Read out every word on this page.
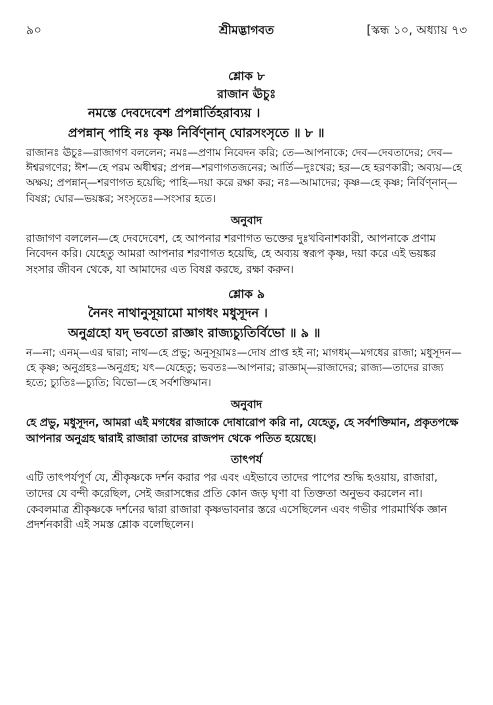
৯০	শ্রীমদ্ভাগবত	[স্কন্ধ ১০, অধ্যায় ৭৩

শ্লোক ৮

রাজান ঊচুঃ

নমস্তে দেবদেবেশ প্রপন্নার্তিহরাব্যয় ।

প্রপন্নান্ পাহি নঃ কৃষ্ণ নির্বিণ্নান্ ঘোরসংসৃতে ॥ ৮ ॥

রাজানঃ ঊচুঃ—রাজাগণ বললেন; নমঃ—প্রণাম নিবেদন করি; তে—আপনাকে; দেব—দেবতাদের; দেব—ঈশ্বরগণের; ঈশ—হে পরম অধীশ্বর; প্রপন্ন—শরণাগতজনের; আর্তি—দুঃখের; হর—হে হরণকারী; অব্যয়—হে অক্ষয়; প্রপন্নান্—শরণাগত হয়েছি; পাহি—দয়া করে রক্ষা কর; নঃ—আমাদের; কৃষ্ণ—হে কৃষ্ণ; নির্বিণ্নান্—বিষণ্ণ; ঘোর—ভয়ঙ্কর; সংসৃতেঃ—সংসার হতে।

অনুবাদ

রাজাগণ বললেন—হে দেবদেবেশ, হে আপনার শরণাগত ভক্তের দুঃখবিনাশকারী, আপনাকে প্রণাম নিবেদন করি। যেহেতু আমরা আপনার শরণাগত হয়েছি, হে অব্যয় স্বরূপ কৃষ্ণ, দয়া করে এই ভয়ঙ্কর সংসার জীবন থেকে, যা আমাদের এত বিষণ্ণ করছে, রক্ষা করুন।

শ্লোক ৯

নৈনং নাথানুসূয়ামো মাগধং মধুসূদন ।

অনুগ্রহো যদ্ ভবতো রাজ্ঞাং রাজ্যচ্যুতির্বিভো ॥ ৯ ॥

ন—না; এনম্—এর দ্বারা; নাথ—হে প্রভু; অনুসূয়ামঃ—দোষ প্রাপ্ত হই না; মাগধম্—মগধের রাজা; মধুসূদন—হে কৃষ্ণ; অনুগ্রহঃ—অনুগ্রহ; যৎ—যেহেতু; ভবতঃ—আপনার; রাজ্ঞাম্—রাজাদের; রাজ্য—তাদের রাজ্য হতে; চ্যুতিঃ—চ্যুতি; বিভো—হে সর্বশক্তিমান।

অনুবাদ

হে প্রভু, মধুসূদন, আমরা এই মগধের রাজাকে দোষারোপ করি না, যেহেতু, হে সর্বশক্তিমান, প্রকৃতপক্ষে আপনার অনুগ্রহ দ্বারাই রাজারা তাদের রাজপদ থেকে পতিত হয়েছে।

তাৎপর্য

এটি তাৎপর্যপূর্ণ যে, শ্রীকৃষ্ণকে দর্শন করার পর এবং এইভাবে তাদের পাপের শুদ্ধি হওয়ায়, রাজারা, তাদের যে বন্দী করেছিল, সেই জরাসন্ধের প্রতি কোন জড় ঘৃণা বা তিক্ততা অনুভব করলেন না। কেবলমাত্র শ্রীকৃষ্ণকে দর্শনের দ্বারা রাজারা কৃষ্ণভাবনার স্তরে এসেছিলেন এবং গভীর পারমার্থিক জ্ঞান প্রদর্শনকারী এই সমস্ত শ্লোক বলেছিলেন।
